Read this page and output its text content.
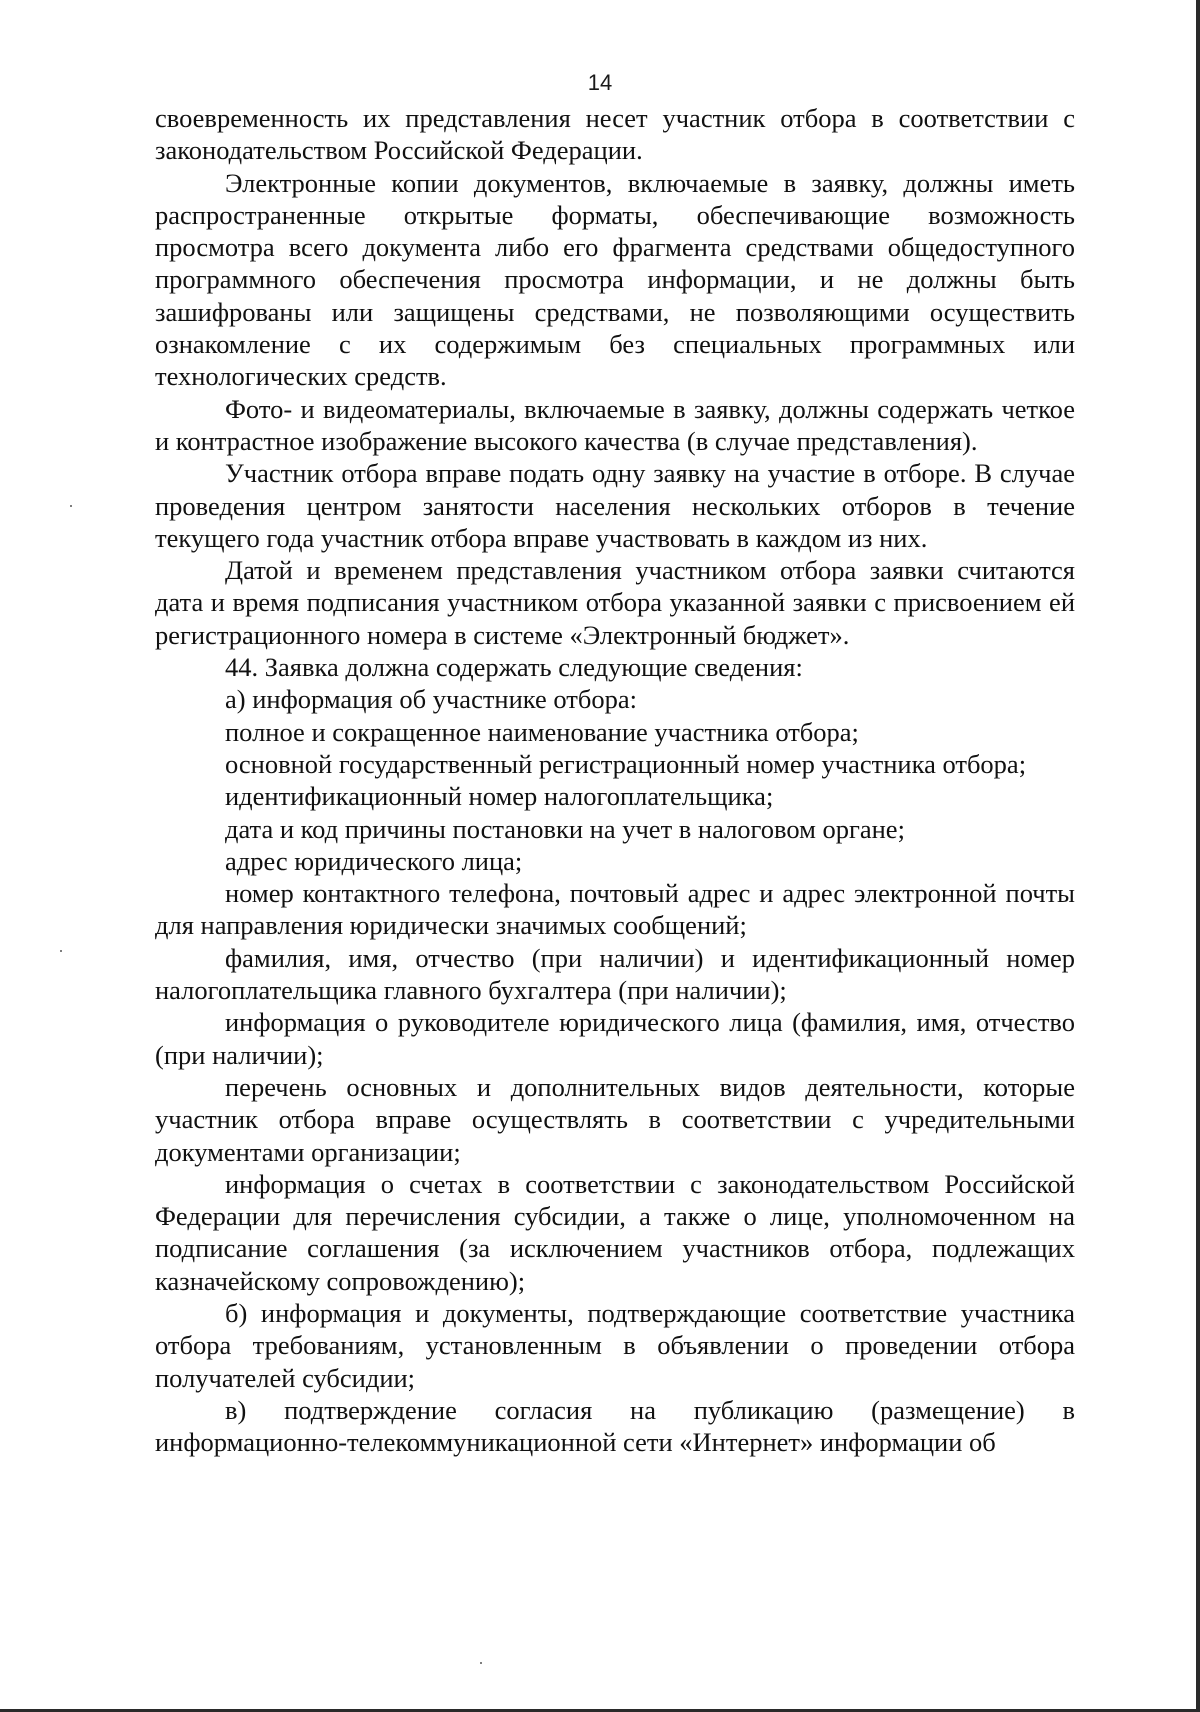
14

своевременность их представления несет участник отбора в соответствии с законодательством Российской Федерации.

Электронные копии документов, включаемые в заявку, должны иметь распространенные открытые форматы, обеспечивающие возможность просмотра всего документа либо его фрагмента средствами общедоступного программного обеспечения просмотра информации, и не должны быть зашифрованы или защищены средствами, не позволяющими осуществить ознакомление с их содержимым без специальных программных или технологических средств.

Фото- и видеоматериалы, включаемые в заявку, должны содержать четкое и контрастное изображение высокого качества (в случае представления).

Участник отбора вправе подать одну заявку на участие в отборе. В случае проведения центром занятости населения нескольких отборов в течение текущего года участник отбора вправе участвовать в каждом из них.

Датой и временем представления участником отбора заявки считаются дата и время подписания участником отбора указанной заявки с присвоением ей регистрационного номера в системе «Электронный бюджет».

44. Заявка должна содержать следующие сведения:

а) информация об участнике отбора:

полное и сокращенное наименование участника отбора;

основной государственный регистрационный номер участника отбора;

идентификационный номер налогоплательщика;

дата и код причины постановки на учет в налоговом органе;

адрес юридического лица;

номер контактного телефона, почтовый адрес и адрес электронной почты для направления юридически значимых сообщений;

фамилия, имя, отчество (при наличии) и идентификационный номер налогоплательщика главного бухгалтера (при наличии);

информация о руководителе юридического лица (фамилия, имя, отчество (при наличии);

перечень основных и дополнительных видов деятельности, которые участник отбора вправе осуществлять в соответствии с учредительными документами организации;

информация о счетах в соответствии с законодательством Российской Федерации для перечисления субсидии, а также о лице, уполномоченном на подписание соглашения (за исключением участников отбора, подлежащих казначейскому сопровождению);

б) информация и документы, подтверждающие соответствие участника отбора требованиям, установленным в объявлении о проведении отбора получателей субсидии;

в) подтверждение согласия на публикацию (размещение) в информационно-телекоммуникационной сети «Интернет» информации об
